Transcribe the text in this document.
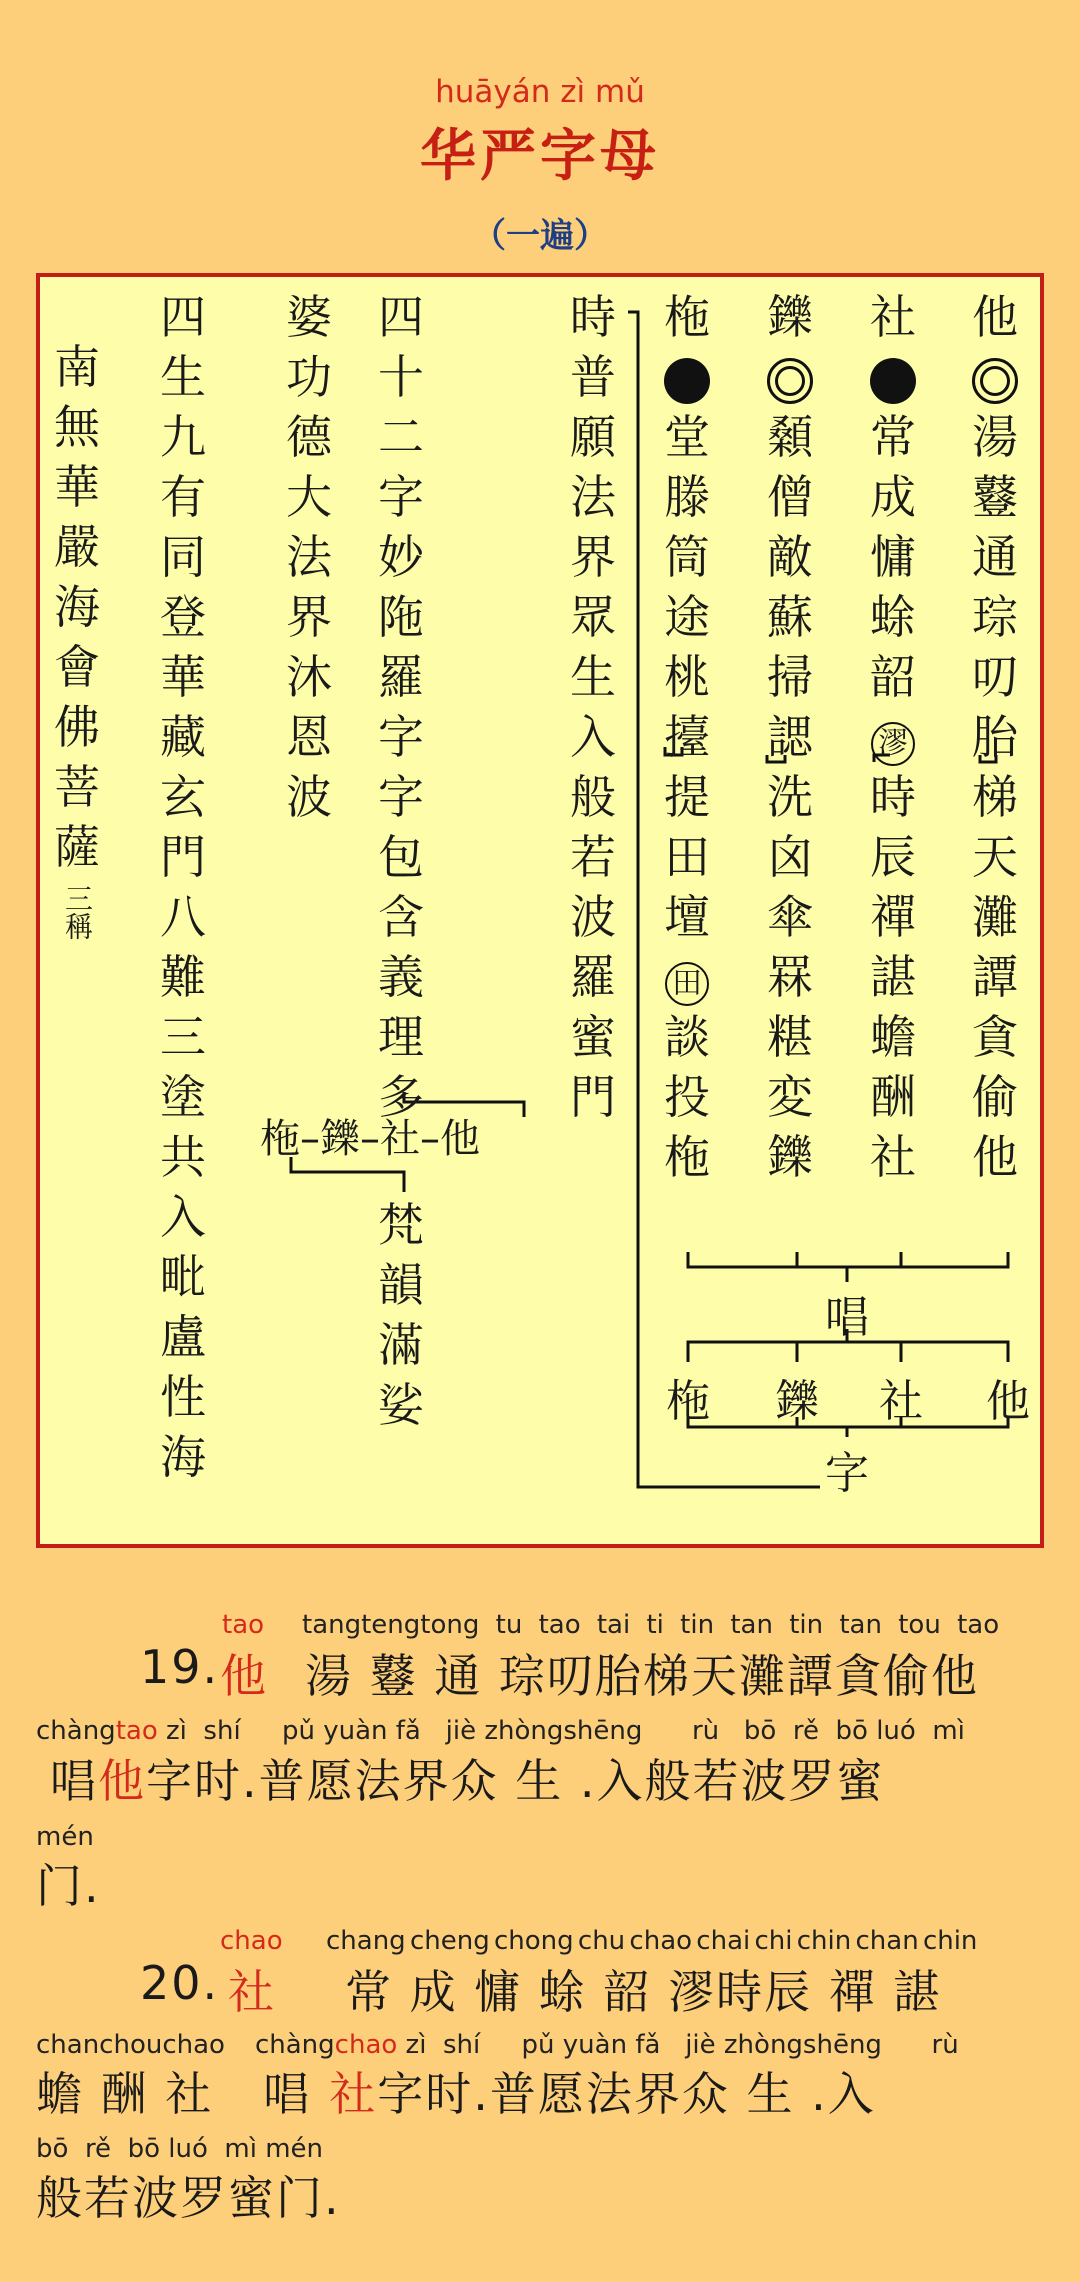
huāyán zì mǔ
华严字母
（一遍）
他
湯
鼟
通
琮
叨
胎
梯
天
灘
譚
貪
偷
他
社
常
成
慵
蜍
韶
漻
時
辰
禪
諶
蟾
酬
社
鑠
顙
僧
敵
蘇
掃
諰
洗
囟
傘
罧
糂
変
鑠
柂
堂
滕
筒
途
桃
擡
提
田
壇
田
談
投
柂
唱
柂 鑠 社 他
字
時
普
願
法
界
眾
生
入
般
若
波
羅
蜜
門
四
十
二
字
妙
陁
羅
字
字
包
含
義
理
多
柂–鑠–社–他
梵
韻
滿
娑
婆
功
德
大
法
界
沐
恩
波
四
生
九
有
同
登
華
藏
玄
門
八
難
三
塗
共
入
毗
盧
性
海
南
無
華
嚴
海
會
佛
菩
薩
三稱
tao tangtengtong tu tao tai ti tin tan tin tan tou tao
19. 他 湯 鼟 通 琮叨胎梯天灘譚貪偷他
chàngtao zì  shí     pǔ yuàn fǎ   jiè zhòngshēng      rù   bō  rě  bō luó  mì
唱他字时.普愿法界众 生 .入般若波罗蜜
mén
门.
chao chang cheng chong chu chao chai chi chin chan chin
20. 社 常 成 慵 蜍 韶 漻時辰 禪 諶
chanchouchao chàngchao zì  shí     pǔ yuàn fǎ   jiè zhòngshēng      rù
蟾 酬 社 唱 社字时.普愿法界众 生 .入
bō  rě  bō luó  mì mén
般若波罗蜜门.
